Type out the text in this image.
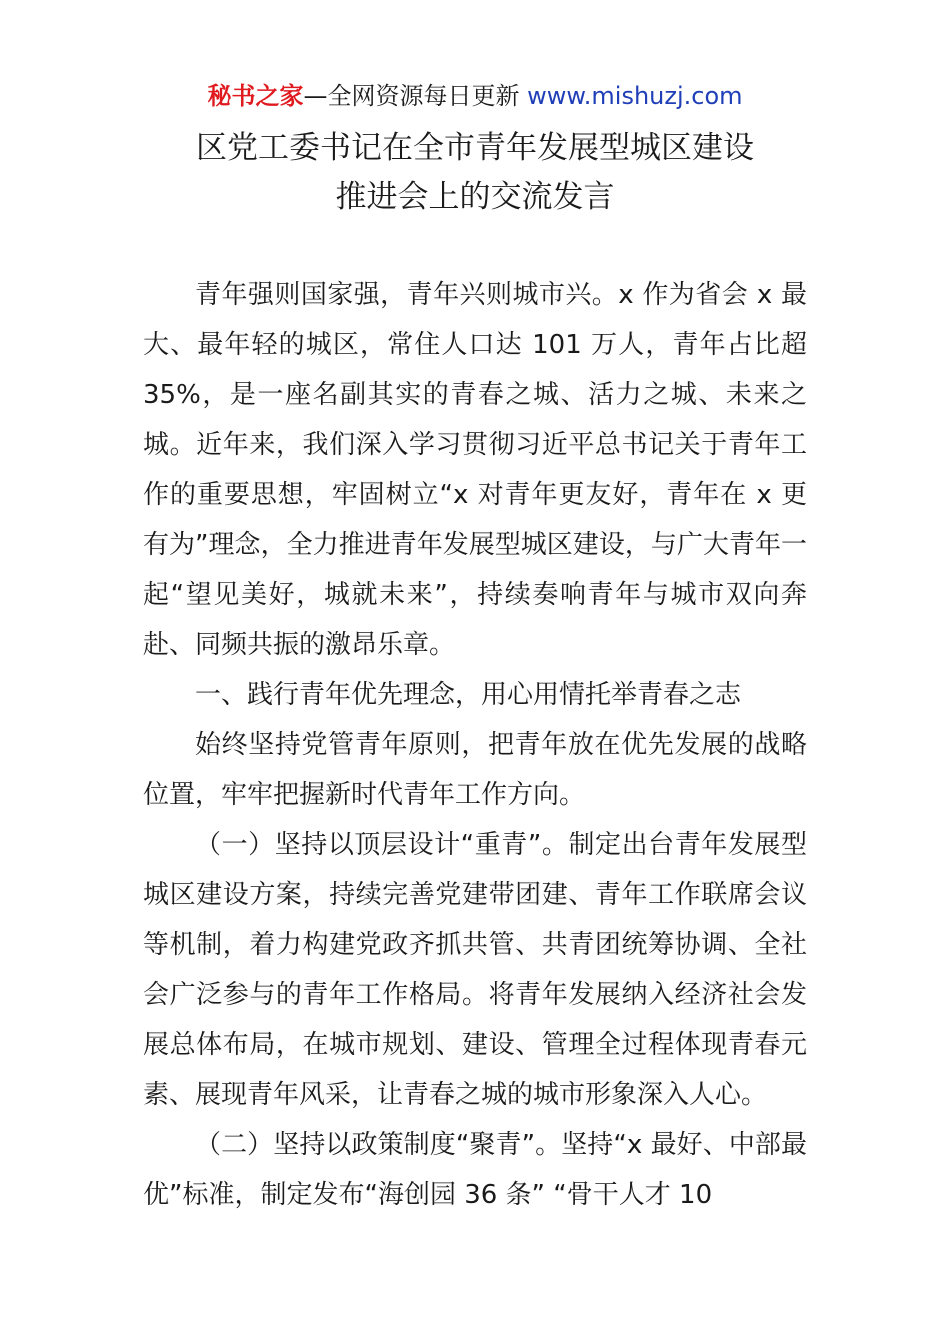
秘书之家—全网资源每日更新 www.mishuzj.com
区党工委书记在全市青年发展型城区建设
推进会上的交流发言

青年强则国家强，青年兴则城市兴。x 作为省会 x 最大、最年轻的城区，常住人口达 101 万人，青年占比超 35%，是一座名副其实的青春之城、活力之城、未来之城。近年来，我们深入学习贯彻习近平总书记关于青年工作的重要思想，牢固树立“x 对青年更友好，青年在 x 更有为”理念，全力推进青年发展型城区建设，与广大青年一起“望见美好，城就未来”，持续奏响青年与城市双向奔赴、同频共振的激昂乐章。

一、践行青年优先理念，用心用情托举青春之志

始终坚持党管青年原则，把青年放在优先发展的战略位置，牢牢把握新时代青年工作方向。

（一）坚持以顶层设计“重青”。制定出台青年发展型城区建设方案，持续完善党建带团建、青年工作联席会议等机制，着力构建党政齐抓共管、共青团统筹协调、全社会广泛参与的青年工作格局。将青年发展纳入经济社会发展总体布局，在城市规划、建设、管理全过程体现青春元素、展现青年风采，让青春之城的城市形象深入人心。

（二）坚持以政策制度“聚青”。坚持“x 最好、中部最优”标准，制定发布“海创园 36 条” “骨干人才 10
